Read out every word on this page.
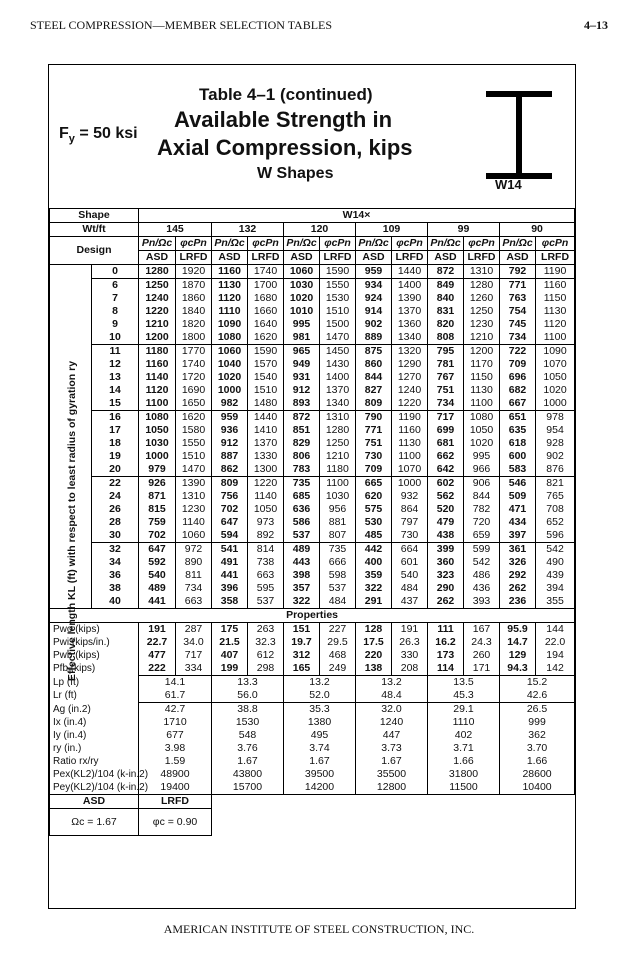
STEEL COMPRESSION—MEMBER SELECTION TABLES	4–13
$F_y = 50$ ksi
Table 4–1 (continued)
Available Strength in
Axial Compression, kips
W Shapes
W14
Shape		W14×											
Wt/ft		145		132		120		109		99		90	
Design		Pn/Ωc	φcPn	Pn/Ωc	φcPn	Pn/Ωc	φcPn	Pn/Ωc	φcPn	Pn/Ωc	φcPn	Pn/Ωc	φcPn
		ASD	LRFD	ASD	LRFD	ASD	LRFD	ASD	LRFD	ASD	LRFD	ASD	LRFD
	0	1280	1920	1160	1740	1060	1590	959	1440	872	1310	792	1190
	6	1250	1870	1130	1700	1030	1550	934	1400	849	1280	771	1160
	7	1240	1860	1120	1680	1020	1530	924	1390	840	1260	763	1150
	8	1220	1840	1110	1660	1010	1510	914	1370	831	1250	754	1130
	9	1210	1820	1090	1640	995	1500	902	1360	820	1230	745	1120
	10	1200	1800	1080	1620	981	1470	889	1340	808	1210	734	1100
	11	1180	1770	1060	1590	965	1450	875	1320	795	1200	722	1090
	12	1160	1740	1040	1570	949	1430	860	1290	781	1170	709	1070
	13	1140	1720	1020	1540	931	1400	844	1270	767	1150	696	1050
	14	1120	1690	1000	1510	912	1370	827	1240	751	1130	682	1020
	15	1100	1650	982	1480	893	1340	809	1220	734	1100	667	1000
	16	1080	1620	959	1440	872	1310	790	1190	717	1080	651	978
	17	1050	1580	936	1410	851	1280	771	1160	699	1050	635	954
	18	1030	1550	912	1370	829	1250	751	1130	681	1020	618	928
	19	1000	1510	887	1330	806	1210	730	1100	662	995	600	902
	20	979	1470	862	1300	783	1180	709	1070	642	966	583	876
	22	926	1390	809	1220	735	1100	665	1000	602	906	546	821
	24	871	1310	756	1140	685	1030	620	932	562	844	509	765
	26	815	1230	702	1050	636	956	575	864	520	782	471	708
	28	759	1140	647	973	586	881	530	797	479	720	434	652
	30	702	1060	594	892	537	807	485	730	438	659	397	596
	32	647	972	541	814	489	735	442	664	399	599	361	542
	34	592	890	491	738	443	666	400	601	360	542	326	490
	36	540	811	441	663	398	598	359	540	323	486	292	439
	38	489	734	396	595	357	537	322	484	290	436	262	394
	40	441	663	358	537	322	484	291	437	262	393	236	355
Properties													
Pwo (kips)		191	287	175	263	151	227	128	191	111	167	95.9	144
Pwi (kips/in.)		22.7	34.0	21.5	32.3	19.7	29.5	17.5	26.3	16.2	24.3	14.7	22.0
Pwb (kips)		477	717	407	612	312	468	220	330	173	260	129	194
Pfb (kips)		222	334	199	298	165	249	138	208	114	171	94.3	142
Lp (ft)		14.1		13.3		13.2		13.2		13.5		15.2	
Lr (ft)		61.7		56.0		52.0		48.4		45.3		42.6	
Ag (in.2)		42.7		38.8		35.3		32.0		29.1		26.5	
Ix (in.4)		1710		1530		1380		1240		1110		999	
Iy (in.4)		677		548		495		447		402		362	
ry (in.)		3.98		3.76		3.74		3.73		3.71		3.70	
Ratio rx/ry		1.59		1.67		1.67		1.67		1.66		1.66	
Pex(KL2)/104 (k-in.2)		48900		43800		39500		35500		31800		28600	
Pey(KL2)/104 (k-in.2)		19400		15700		14200		12800		11500		10400	
ASD		LRFD											
Ωc = 1.67		φc = 0.90											
Effective length KL (ft) with respect to least radius of gyration ry
AMERICAN INSTITUTE OF STEEL CONSTRUCTION, INC.
